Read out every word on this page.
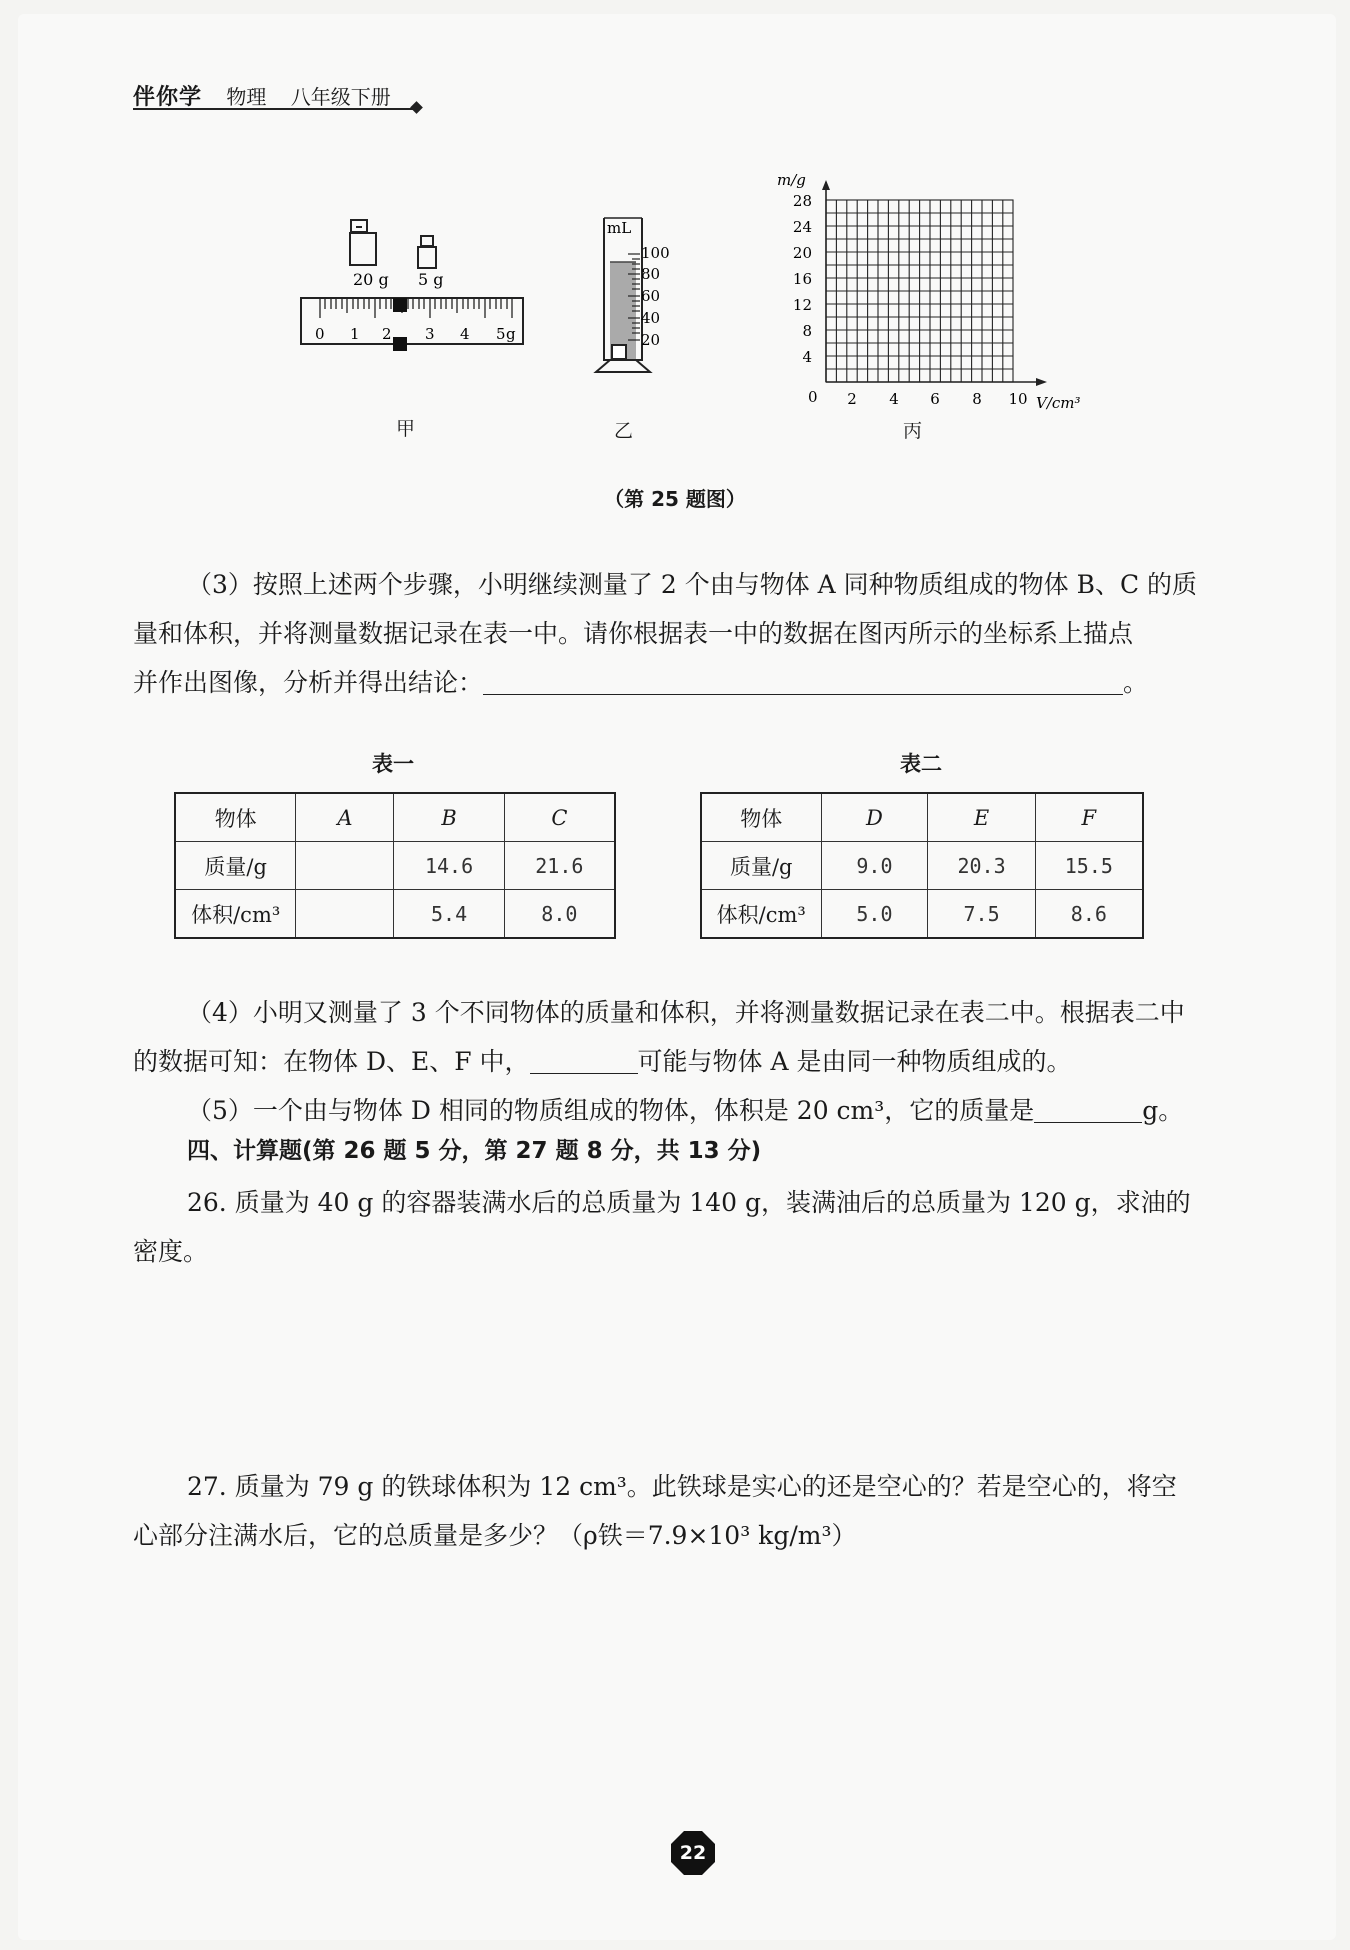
伴你学 物理 八年级下册
20 g 5 g
0 1 2 3 4 5 g
mL
100
80
60
40
20
m/g
28
24
20
16
12
8
4
0 2 4 6 8 10 V/cm³
甲	乙	丙
（第 25 题图）
（3）按照上述两个步骤，小明继续测量了 2 个由与物体 A 同种物质组成的物体 B、C 的质
量和体积，并将测量数据记录在表一中。请你根据表一中的数据在图丙所示的坐标系上描点
并作出图像，分析并得出结论：	。
表一
物体	A	B	C
质量/g		14.6	21.6
体积/cm³		5.4	8.0
表二
物体	D	E	F
质量/g	9.0	20.3	15.5
体积/cm³	5.0	7.5	8.6
（4）小明又测量了 3 个不同物体的质量和体积，并将测量数据记录在表二中。根据表二中
的数据可知：在物体 D、E、F 中，	可能与物体 A 是由同一种物质组成的。
（5）一个由与物体 D 相同的物质组成的物体，体积是 20 cm³，它的质量是	g。
四、计算题(第 26 题 5 分，第 27 题 8 分，共 13 分)
26. 质量为 40 g 的容器装满水后的总质量为 140 g，装满油后的总质量为 120 g，求油的
密度。
27. 质量为 79 g 的铁球体积为 12 cm³。此铁球是实心的还是空心的？若是空心的，将空
心部分注满水后，它的总质量是多少？（ρ铁＝7.9×10³ kg/m³）
22
